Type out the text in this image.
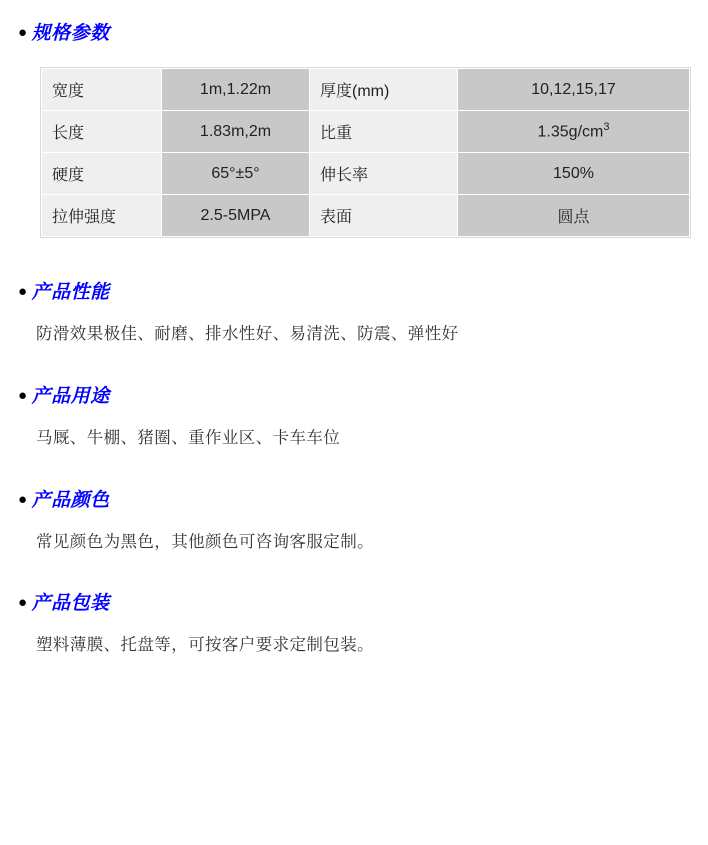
● 规格参数
宽度	1m,1.22m	厚度(mm)	10,12,15,17
长度	1.83m,2m	比重	$1.35g/cm^3$
硬度	65°±5°	伸长率	150%
拉伸强度	2.5-5MPA	表面	圆点
● 产品性能
防滑效果极佳、耐磨、排水性好、易清洗、防震、弹性好
● 产品用途
马厩、牛棚、猪圈、重作业区、卡车车位
● 产品颜色
常见颜色为黑色，其他颜色可咨询客服定制。
● 产品包装
塑料薄膜、托盘等，可按客户要求定制包装。
